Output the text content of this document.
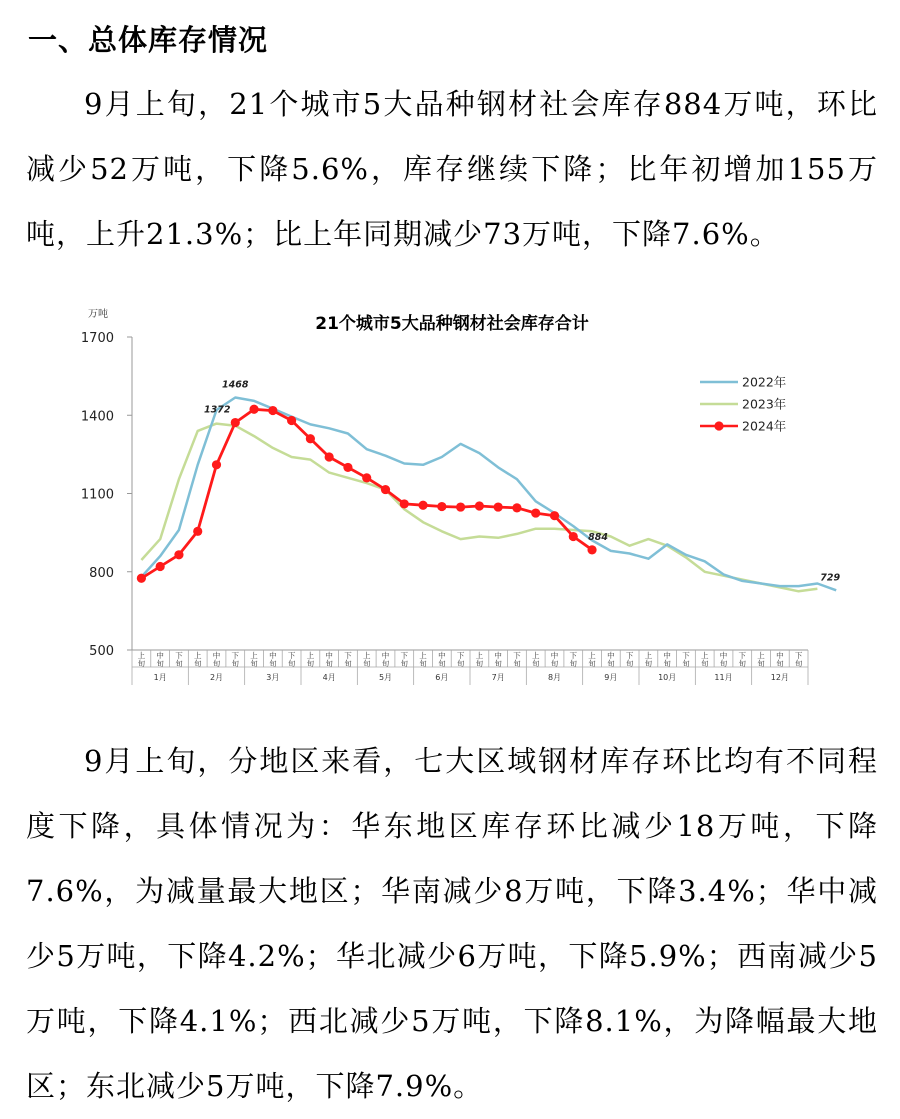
一、总体库存情况

9月上旬，21个城市5大品种钢材社会库存884万吨，环比减少52万吨，下降5.6%，库存继续下降；比年初增加155万吨，上升21.3%；比上年同期减少73万吨，下降7.6%。

21个城市5大品种钢材社会库存合计
万吨
500
800
1100
1400
1700
上旬
中旬
下旬
上旬
中旬
下旬
上旬
中旬
下旬
上旬
中旬
下旬
上旬
中旬
下旬
上旬
中旬
下旬
上旬
中旬
下旬
上旬
中旬
下旬
上旬
中旬
下旬
上旬
中旬
下旬
上旬
中旬
下旬
上旬
中旬
下旬
1月	2月	3月	4月	5月	6月	7月	8月	9月	10月	11月	12月
1468
1372
884
729
2022年
2023年
2024年

9月上旬，分地区来看，七大区域钢材库存环比均有不同程度下降，具体情况为：华东地区库存环比减少18万吨，下降7.6%，为减量最大地区；华南减少8万吨，下降3.4%；华中减少5万吨，下降4.2%；华北减少6万吨，下降5.9%；西南减少5万吨，下降4.1%；西北减少5万吨，下降8.1%，为降幅最大地区；东北减少5万吨，下降7.9%。
